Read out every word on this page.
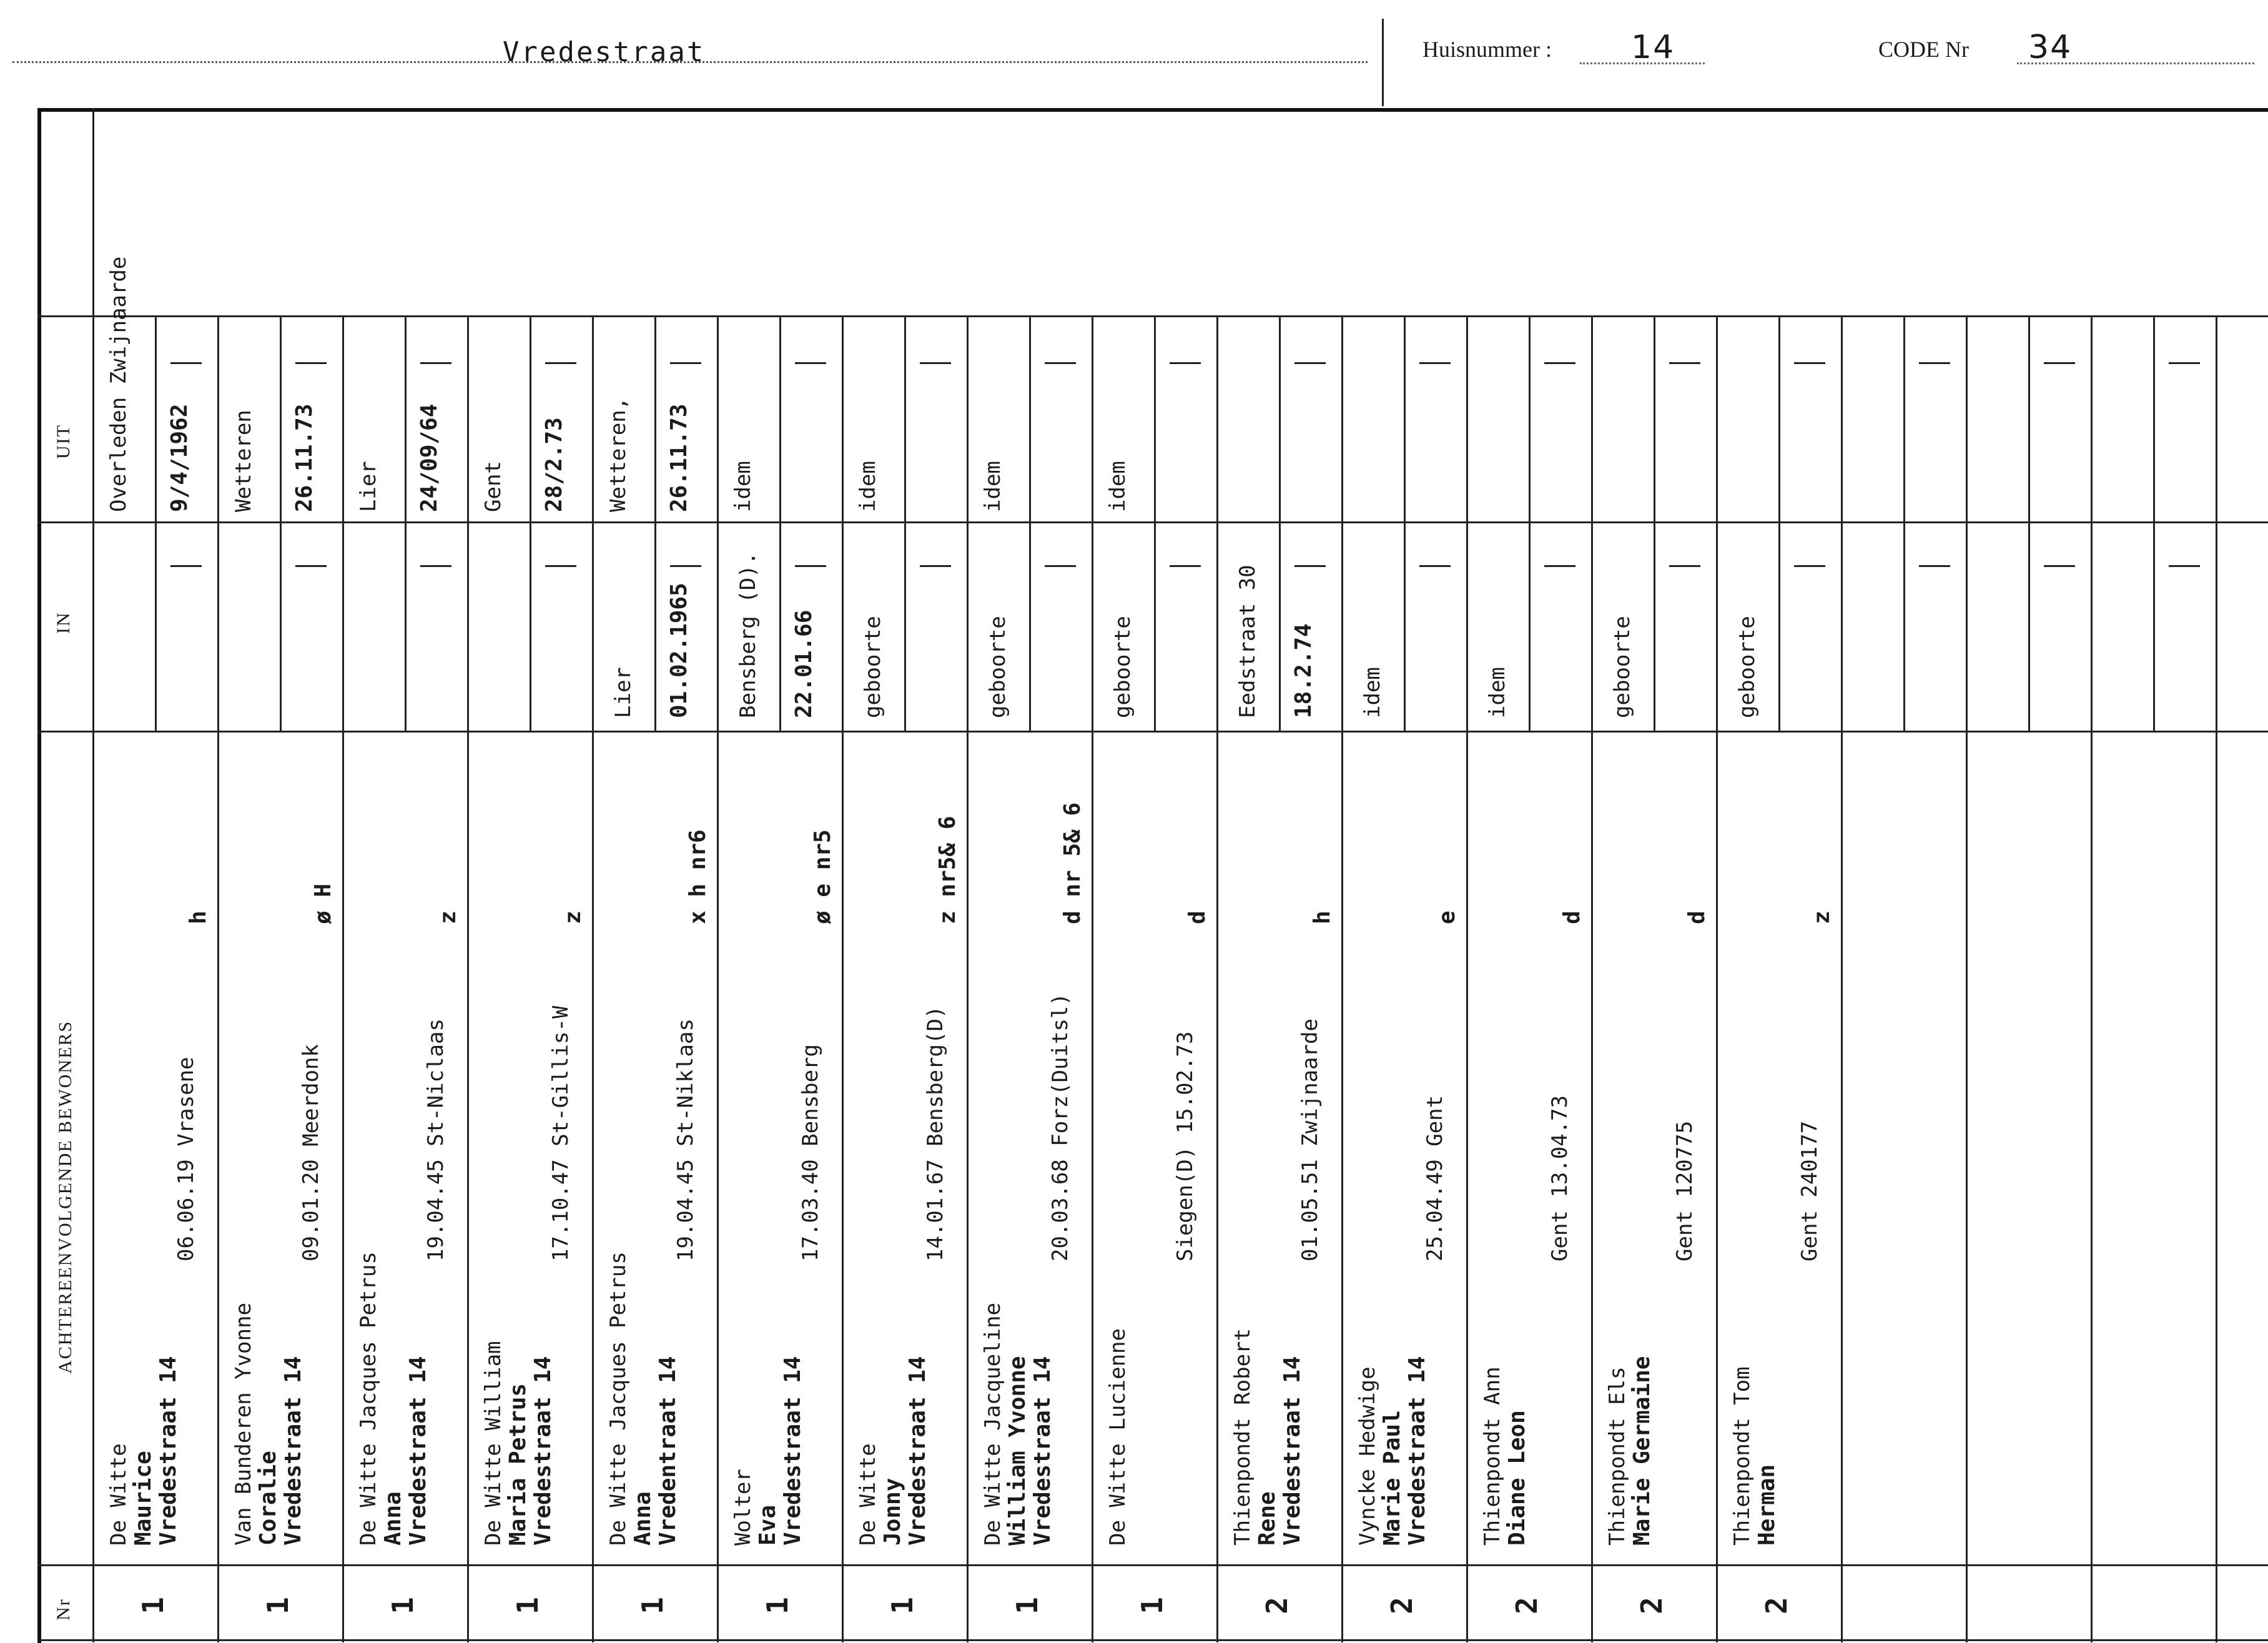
Vredestraat	Huisnummer : 14	CODE Nr 34
Nr
ACHTEREENVOLGENDE BEWONERS
IN
UIT
1
De Witte Maurice Vredestraat 14
06.06.19 Vrasene
h
Overleden Zwijnaarde 9/4/1962
1
Van Bunderen Yvonne Coralie Vredestraat 14
09.01.20 Meerdonk
ø H
Wetteren 26.11.73
1
De Witte Jacques Petrus Anna Vredestraat 14
19.04.45 St-Niclaas
z
Lier 24/09/64
1
De Witte William Maria Petrus Vredestraat 14
17.10.47 St-Gillis-W
z
Gent 28/2.73
1
De Witte Jacques Petrus Anna Vredentraat 14
19.04.45 St-Niklaas
x h nr6
Lier 01.02.1965
Wetteren, 26.11.73
1
Wolter Eva Vredestraat 14
17.03.40 Bensberg
ø e nr5
Bensberg (D). 22.01.66
idem
1
De Witte Jonny Vredestraat 14
14.01.67 Bensberg(D)
z nr5& 6
geboorte
idem
1
De Witte Jacqueline William Yvonne Vredestraat 14
20.03.68 Forz(Duitsl)
d nr 5& 6
geboorte
idem
1
De Witte Lucienne
Siegen(D) 15.02.73
d
geboorte
idem
2
Thienpondt Robert Rene Vredestraat 14
01.05.51 Zwijnaarde
h
Eedstraat 30 18.2.74
2
Vyncke Hedwige Marie Paul Vredestraat 14
25.04.49 Gent
e
idem
2
Thienpondt Ann Diane Leon
Gent 13.04.73
d
idem
2
Thienpondt Els Marie Germaine
Gent 120775
d
geboorte
2
Thienpondt Tom Herman
Gent 240177
z
geboorte
